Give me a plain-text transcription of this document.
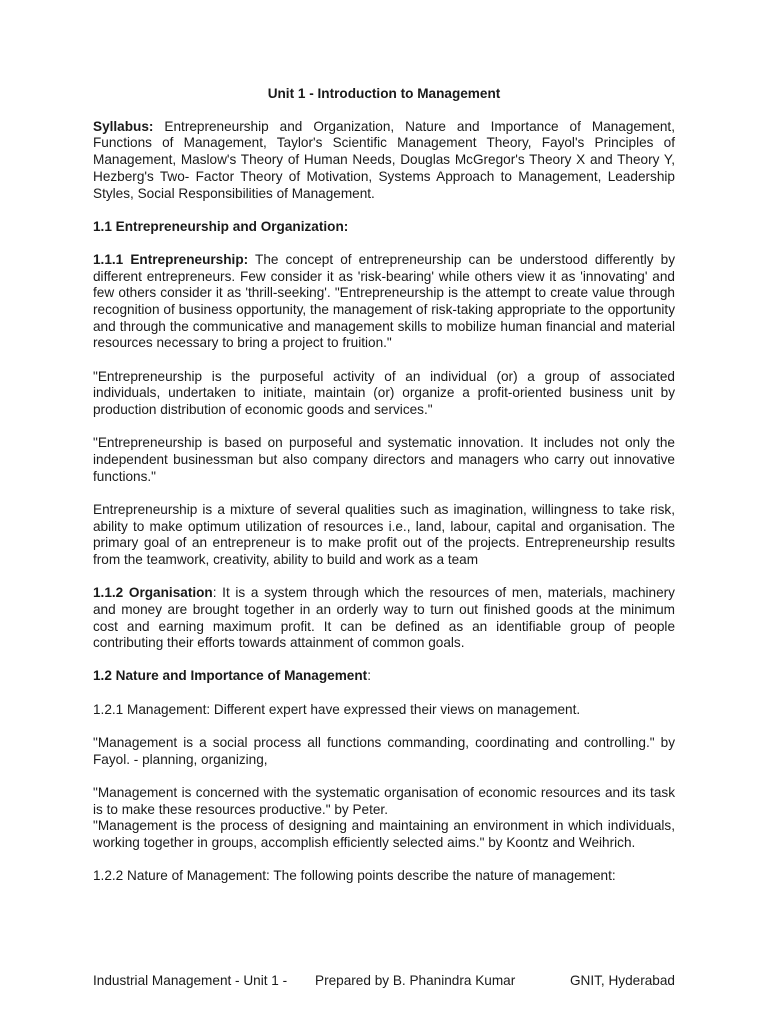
Unit 1 - Introduction to Management

Syllabus: Entrepreneurship and Organization, Nature and Importance of Management, Functions of Management, Taylor's Scientific Management Theory, Fayol's Principles of Management, Maslow's Theory of Human Needs, Douglas McGregor's Theory X and Theory Y, Hezberg's Two- Factor Theory of Motivation, Systems Approach to Management, Leadership Styles, Social Responsibilities of Management.

1.1 Entrepreneurship and Organization:

1.1.1 Entrepreneurship: The concept of entrepreneurship can be understood differently by different entrepreneurs. Few consider it as 'risk-bearing' while others view it as 'innovating' and few others consider it as 'thrill-seeking'. "Entrepreneurship is the attempt to create value through recognition of business opportunity, the management of risk-taking appropriate to the opportunity and through the communicative and management skills to mobilize human financial and material resources necessary to bring a project to fruition."

"Entrepreneurship is the purposeful activity of an individual (or) a group of associated individuals, undertaken to initiate, maintain (or) organize a profit-oriented business unit by production distribution of economic goods and services."

"Entrepreneurship is based on purposeful and systematic innovation. It includes not only the independent businessman but also company directors and managers who carry out innovative functions."

Entrepreneurship is a mixture of several qualities such as imagination, willingness to take risk, ability to make optimum utilization of resources i.e., land, labour, capital and organisation. The primary goal of an entrepreneur is to make profit out of the projects. Entrepreneurship results from the teamwork, creativity, ability to build and work as a team

1.1.2 Organisation: It is a system through which the resources of men, materials, machinery and money are brought together in an orderly way to turn out finished goods at the minimum cost and earning maximum profit. It can be defined as an identifiable group of people contributing their efforts towards attainment of common goals.

1.2 Nature and Importance of Management:

1.2.1 Management: Different expert have expressed their views on management.

"Management is a social process all functions commanding, coordinating and controlling." by Fayol. - planning, organizing,

"Management is concerned with the systematic organisation of economic resources and its task is to make these resources productive." by Peter.

"Management is the process of designing and maintaining an environment in which individuals, working together in groups, accomplish efficiently selected aims." by Koontz and Weihrich.

1.2.2 Nature of Management: The following points describe the nature of management:

Industrial Management - Unit 1 - Prepared by B. Phanindra Kumar	GNIT, Hyderabad
